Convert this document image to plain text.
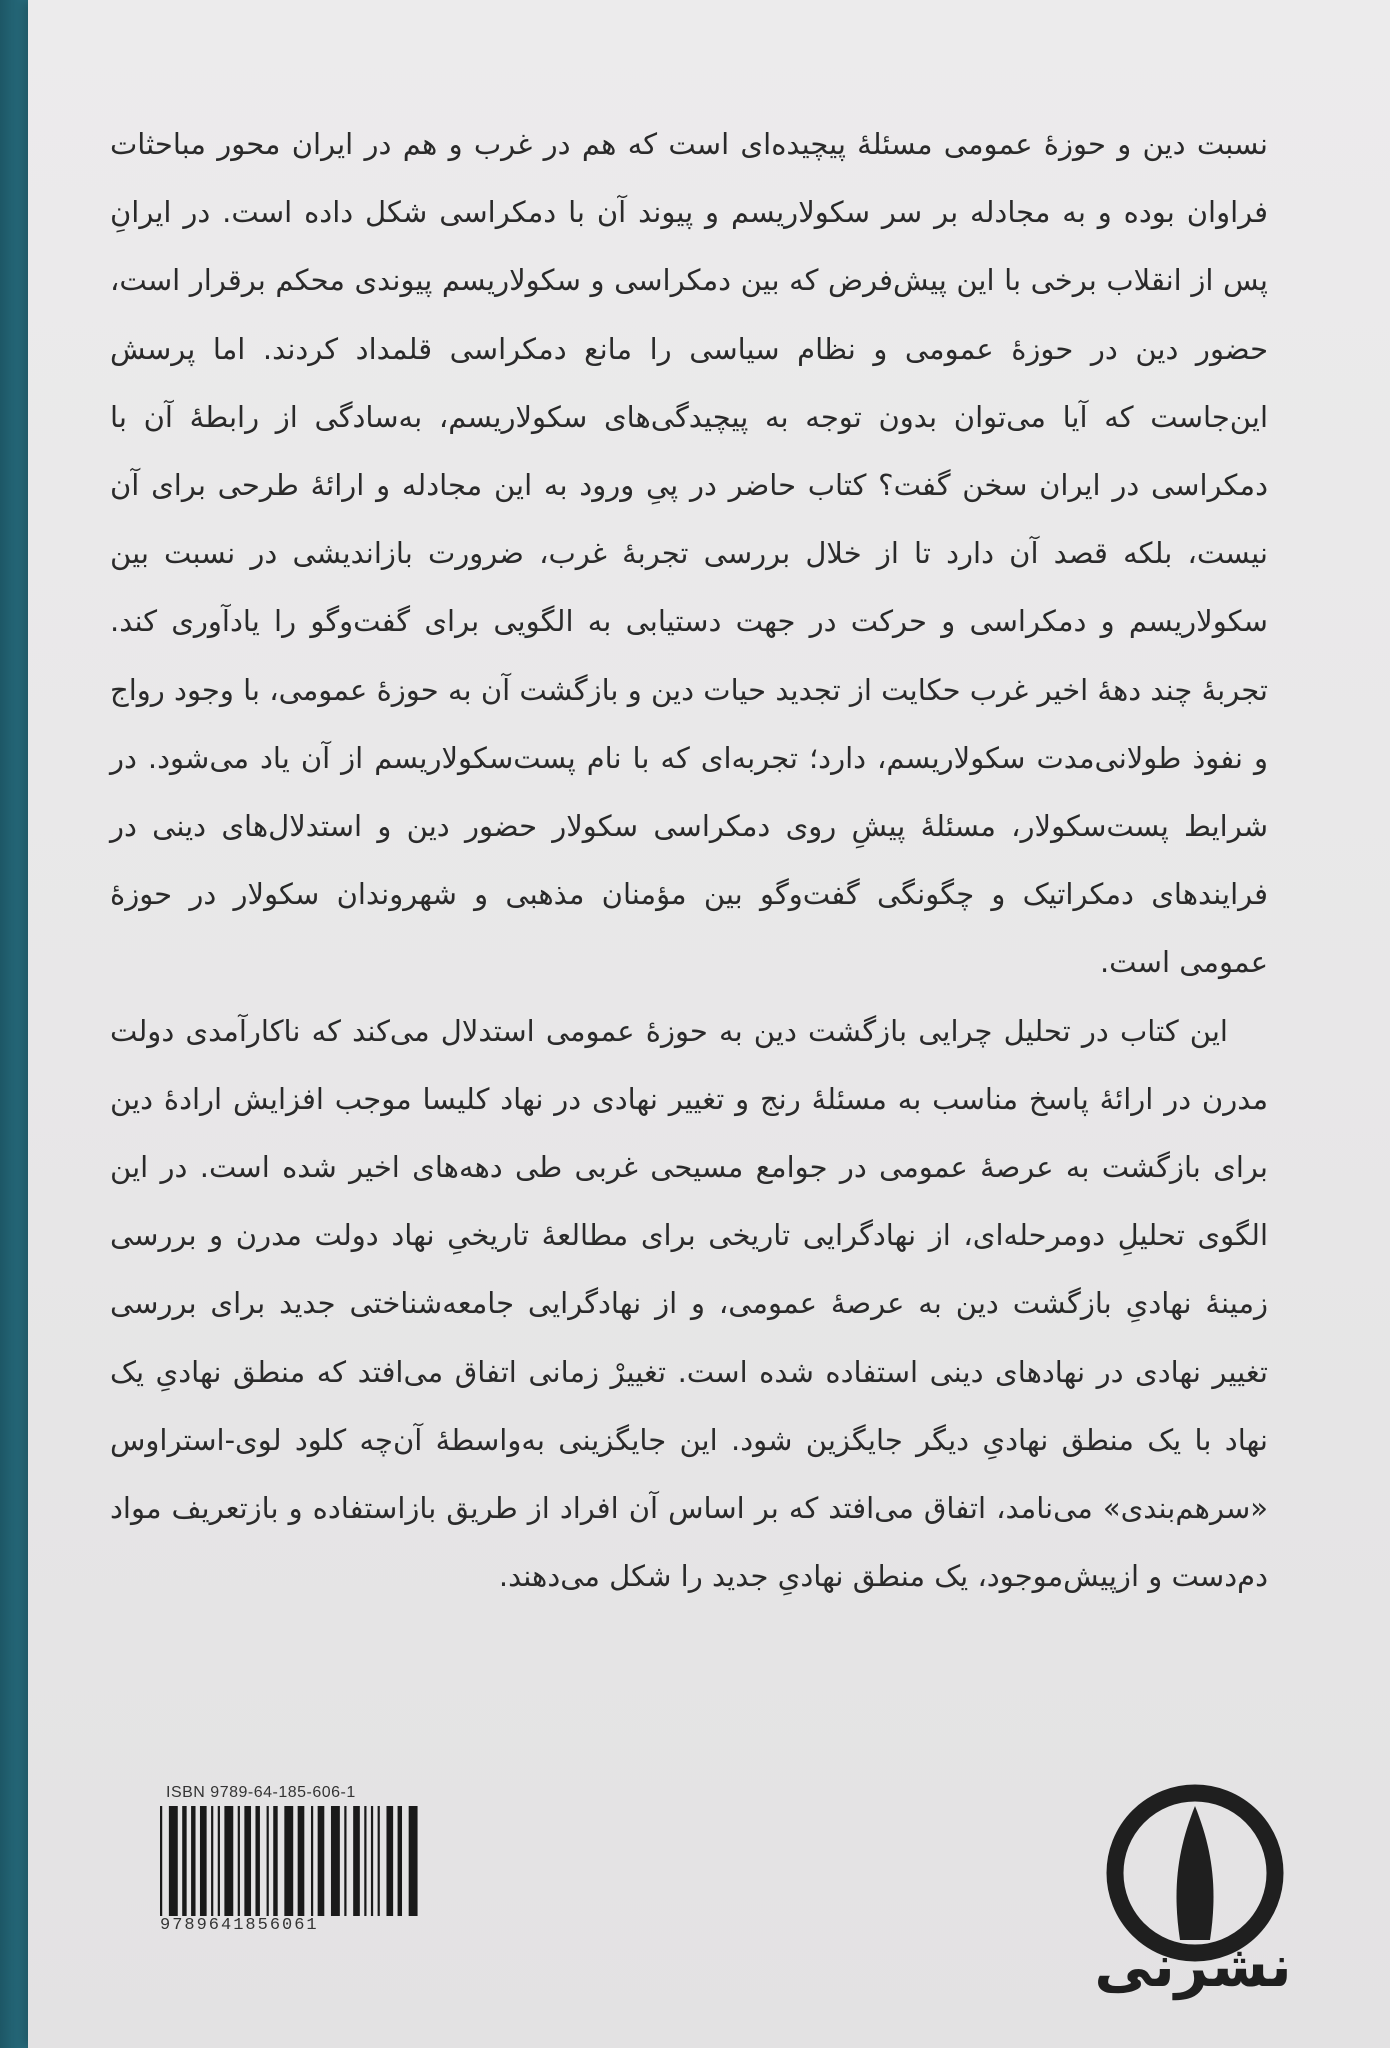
نسبت دین و حوزهٔ عمومی مسئلهٔ پیچیده‌ای است که هم در غرب و هم در ایران محور مباحثات فراوان بوده و به مجادله بر سر سکولاریسم و پیوند آن با دمکراسی شکل داده است. در ایرانِ پس از انقلاب برخی با این پیش‌فرض که بین دمکراسی و سکولاریسم پیوندی محکم برقرار است، حضور دین در حوزهٔ عمومی و نظام سیاسی را مانع دمکراسی قلمداد کردند. اما پرسش این‌جاست که آیا می‌توان بدون توجه به پیچیدگی‌های سکولاریسم، به‌سادگی از رابطهٔ آن با دمکراسی در ایران سخن گفت؟ کتاب حاضر در پیِ ورود به این مجادله و ارائهٔ طرحی برای آن نیست، بلکه قصد آن دارد تا از خلال بررسی تجربهٔ غرب، ضرورت بازاندیشی در نسبت بین سکولاریسم و دمکراسی و حرکت در جهت دستیابی به الگویی برای گفت‌وگو را یادآوری کند. تجربهٔ چند دههٔ اخیر غرب حکایت از تجدید حیات دین و بازگشت آن به حوزهٔ عمومی، با وجود رواج و نفوذ طولانی‌مدت سکولاریسم، دارد؛ تجربه‌ای که با نام پست‌سکولاریسم از آن یاد می‌شود. در شرایط پست‌سکولار، مسئلهٔ پیشِ روی دمکراسی سکولار حضور دین و استدلال‌های دینی در فرایندهای دمکراتیک و چگونگی گفت‌وگو بین مؤمنان مذهبی و شهروندان سکولار در حوزهٔ عمومی است.

این کتاب در تحلیل چرایی بازگشت دین به حوزهٔ عمومی استدلال می‌کند که ناکارآمدی دولت مدرن در ارائهٔ پاسخ مناسب به مسئلهٔ رنج و تغییر نهادی در نهاد کلیسا موجب افزایش ارادهٔ دین برای بازگشت به عرصهٔ عمومی در جوامع مسیحی غربی طی دهه‌های اخیر شده است. در این الگوی تحلیلِ دومرحله‌ای، از نهادگرایی تاریخی برای مطالعهٔ تاریخیِ نهاد دولت مدرن و بررسی زمینهٔ نهادیِ بازگشت دین به عرصهٔ عمومی، و از نهادگرایی جامعه‌شناختی جدید برای بررسی تغییر نهادی در نهادهای دینی استفاده شده است. تغییرْ زمانی اتفاق می‌افتد که منطق نهادیِ یک نهاد با یک منطق نهادیِ دیگر جایگزین شود. این جایگزینی به‌واسطهٔ آن‌چه کلود لوی-استراوس «سرهم‌بندی» می‌نامد، اتفاق می‌افتد که بر اساس آن افراد از طریق بازاستفاده و بازتعریف مواد دم‌دست و ازپیش‌موجود، یک منطق نهادیِ جدید را شکل می‌دهند.

ISBN 9789-64-185-606-1
9789641856061
نشرنی
